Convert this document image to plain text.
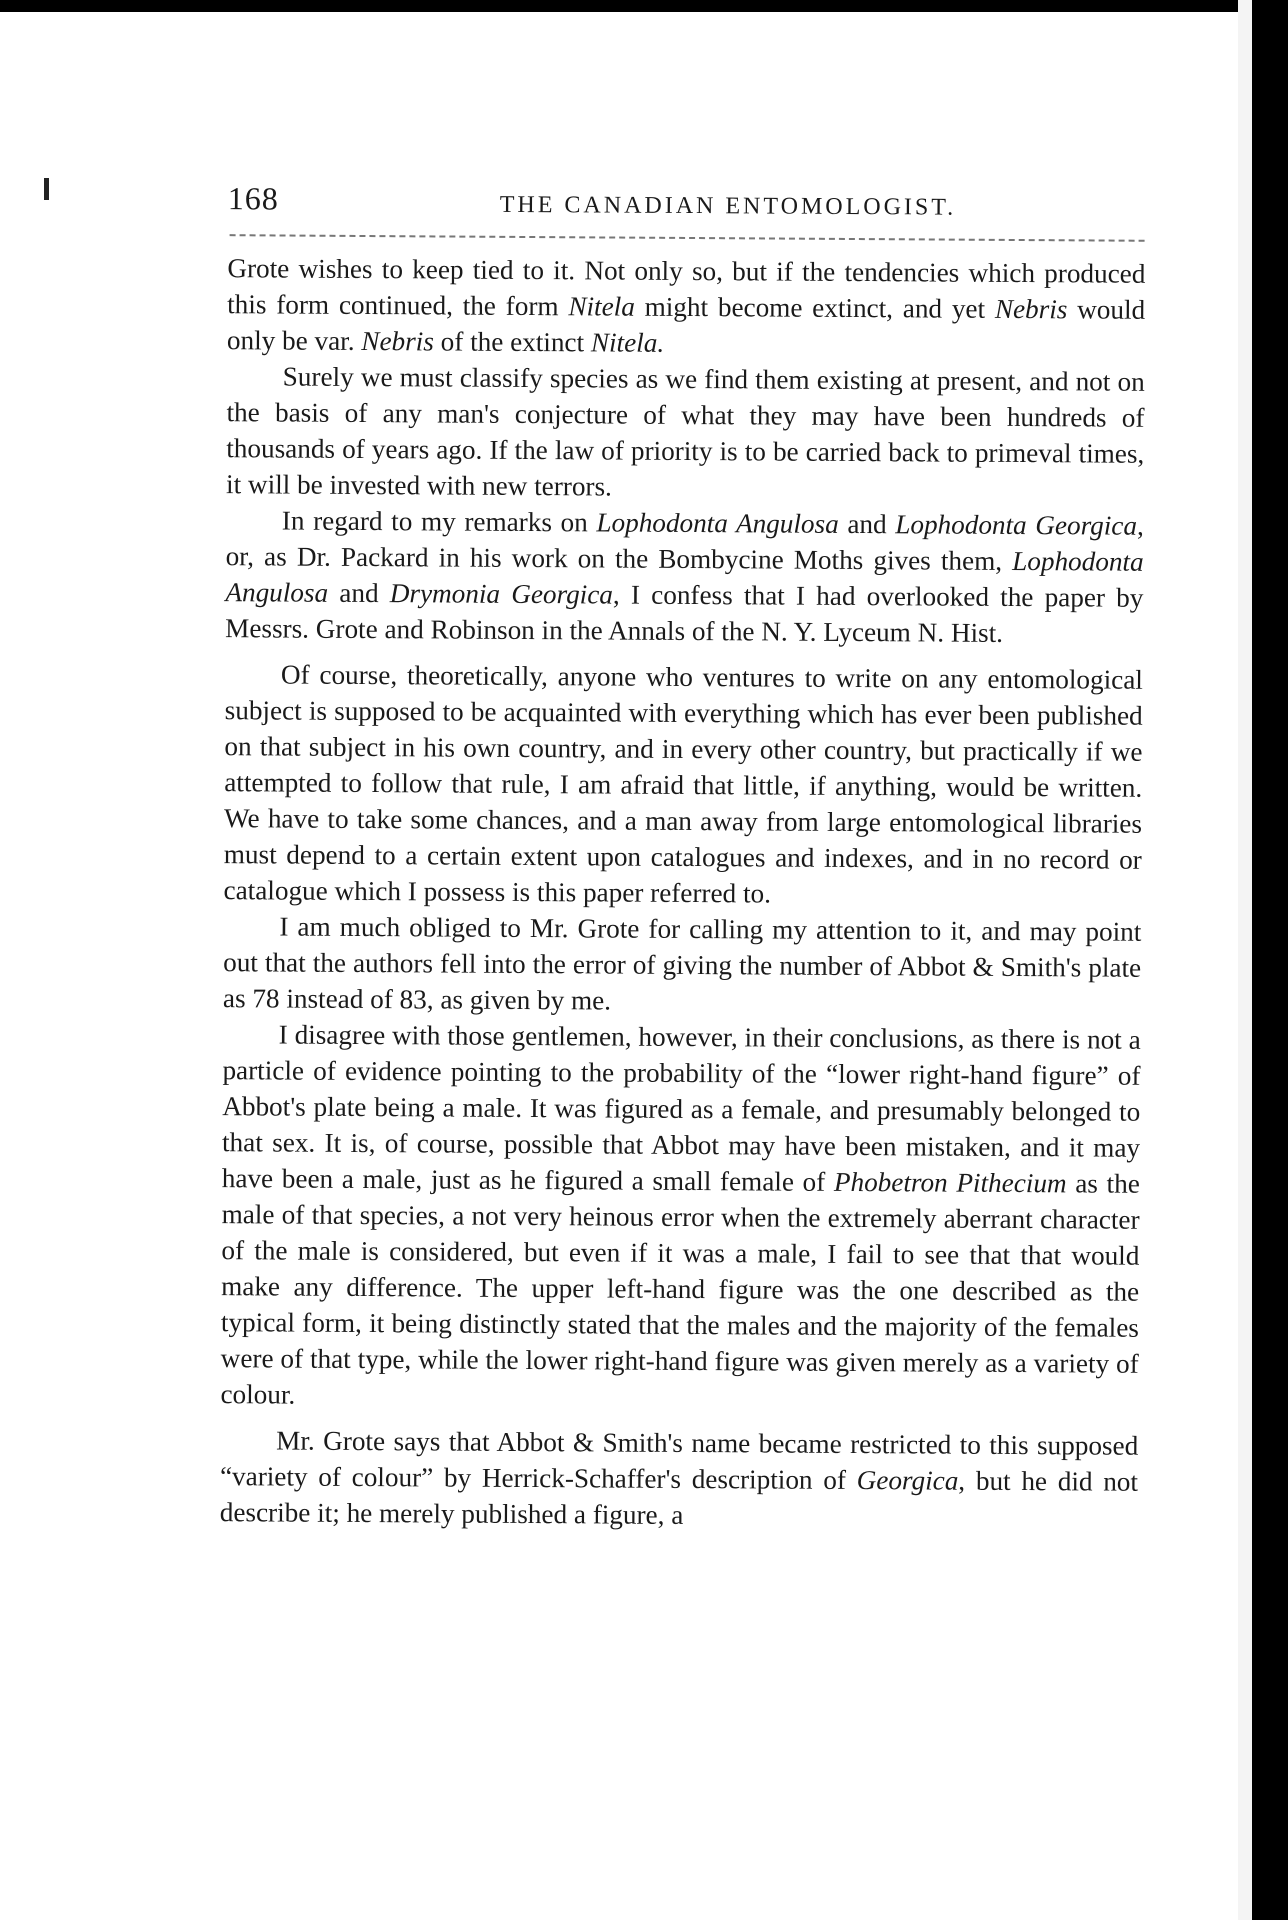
168	THE CANADIAN ENTOMOLOGIST.

Grote wishes to keep tied to it. Not only so, but if the tendencies which produced this form continued, the form Nitela might become extinct, and yet Nebris would only be var. Nebris of the extinct Nitela.

Surely we must classify species as we find them existing at present, and not on the basis of any man's conjecture of what they may have been hundreds of thousands of years ago. If the law of priority is to be carried back to primeval times, it will be invested with new terrors.

In regard to my remarks on Lophodonta Angulosa and Lophodonta Georgica, or, as Dr. Packard in his work on the Bombycine Moths gives them, Lophodonta Angulosa and Drymonia Georgica, I confess that I had overlooked the paper by Messrs. Grote and Robinson in the Annals of the N. Y. Lyceum N. Hist.

Of course, theoretically, anyone who ventures to write on any entomological subject is supposed to be acquainted with everything which has ever been published on that subject in his own country, and in every other country, but practically if we attempted to follow that rule, I am afraid that little, if anything, would be written. We have to take some chances, and a man away from large entomological libraries must depend to a certain extent upon catalogues and indexes, and in no record or catalogue which I possess is this paper referred to.

I am much obliged to Mr. Grote for calling my attention to it, and may point out that the authors fell into the error of giving the number of Abbot & Smith's plate as 78 instead of 83, as given by me.

I disagree with those gentlemen, however, in their conclusions, as there is not a particle of evidence pointing to the probability of the “lower right-hand figure” of Abbot's plate being a male. It was figured as a female, and presumably belonged to that sex. It is, of course, possible that Abbot may have been mistaken, and it may have been a male, just as he figured a small female of Phobetron Pithecium as the male of that species, a not very heinous error when the extremely aberrant character of the male is considered, but even if it was a male, I fail to see that that would make any difference. The upper left-hand figure was the one described as the typical form, it being distinctly stated that the males and the majority of the females were of that type, while the lower right-hand figure was given merely as a variety of colour.

Mr. Grote says that Abbot & Smith's name became restricted to this supposed “variety of colour” by Herrick-Schaffer's description of Georgica, but he did not describe it; he merely published a figure, a
